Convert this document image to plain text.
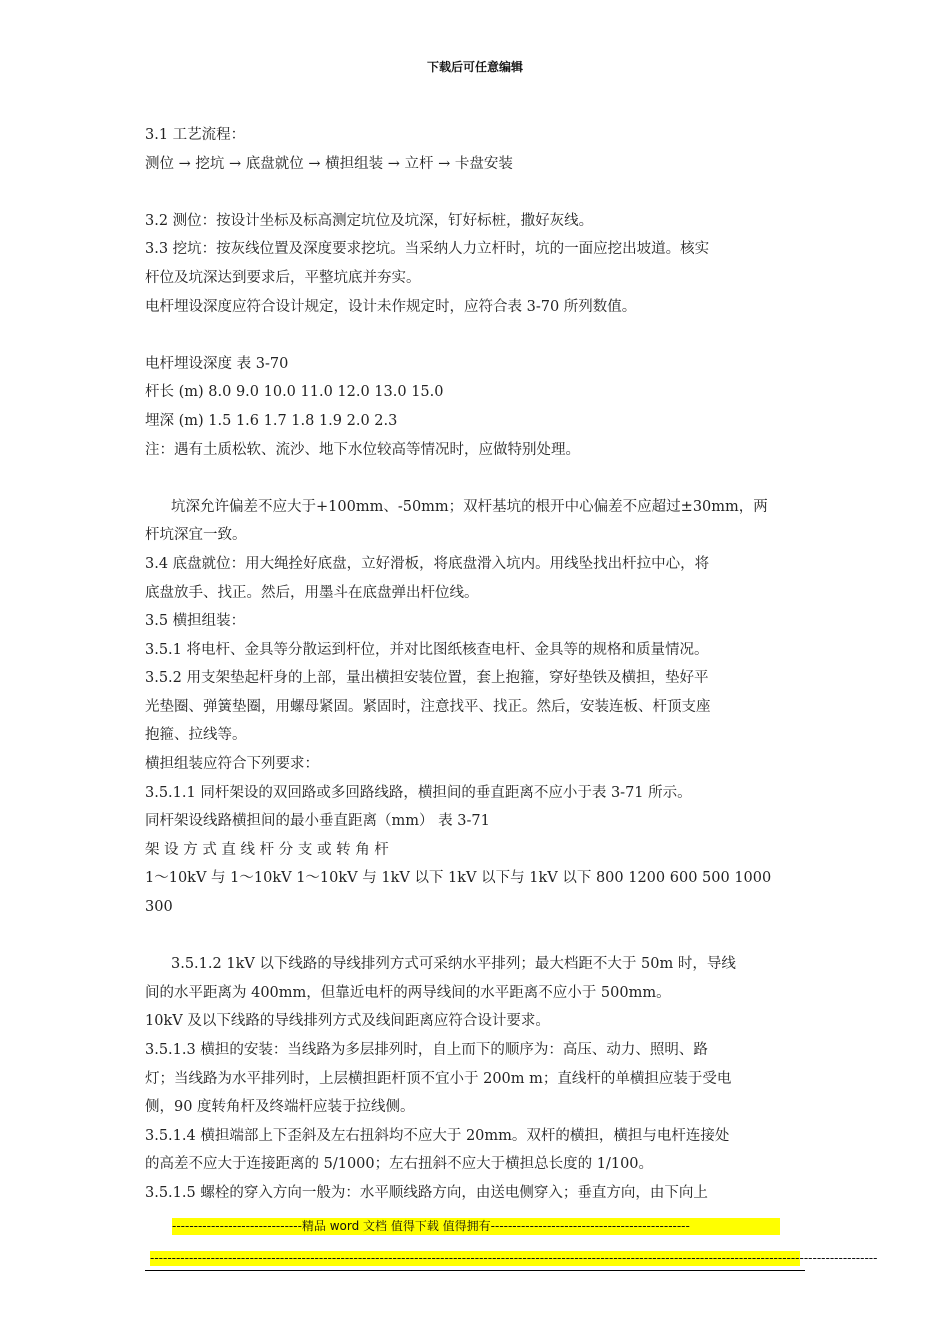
下载后可任意编辑
3.1 工艺流程：
测位 → 挖坑 → 底盘就位 → 横担组装 → 立杆 → 卡盘安装
3.2 测位：按设计坐标及标高测定坑位及坑深，钉好标桩，撒好灰线。
3.3 挖坑：按灰线位置及深度要求挖坑。当采纳人力立杆时，坑的一面应挖出坡道。核实
杆位及坑深达到要求后，平整坑底并夯实。
电杆埋设深度应符合设计规定，设计未作规定时，应符合表 3-70 所列数值。
电杆埋设深度 表 3-70
杆长 (m) 8.0 9.0 10.0 11.0 12.0 13.0 15.0
埋深 (m) 1.5 1.6 1.7 1.8 1.9 2.0 2.3
注：遇有土质松软、流沙、地下水位较高等情况时，应做特别处理。
坑深允许偏差不应大于+100mm、-50mm；双杆基坑的根开中心偏差不应超过±30mm，两
杆坑深宜一致。
3.4 底盘就位：用大绳拴好底盘，立好滑板，将底盘滑入坑内。用线坠找出杆拉中心，将
底盘放手、找正。然后，用墨斗在底盘弹出杆位线。
3.5 横担组装：
3.5.1 将电杆、金具等分散运到杆位，并对比图纸核查电杆、金具等的规格和质量情况。
3.5.2 用支架垫起杆身的上部，量出横担安装位置，套上抱箍，穿好垫铁及横担，垫好平
光垫圈、弹簧垫圈，用螺母紧固。紧固时，注意找平、找正。然后，安装连板、杆顶支座
抱箍、拉线等。
横担组装应符合下列要求：
3.5.1.1 同杆架设的双回路或多回路线路，横担间的垂直距离不应小于表 3-71 所示。
同杆架设线路横担间的最小垂直距离（mm） 表 3-71
架 设 方 式 直 线 杆 分 支 或 转 角 杆
1～10kV 与 1～10kV 1～10kV 与 1kV 以下 1kV 以下与 1kV 以下 800 1200 600 500 1000
300
3.5.1.2 1kV 以下线路的导线排列方式可采纳水平排列；最大档距不大于 50m 时，导线
间的水平距离为 400mm，但靠近电杆的两导线间的水平距离不应小于 500mm。
10kV 及以下线路的导线排列方式及线间距离应符合设计要求。
3.5.1.3 横担的安装：当线路为多层排列时，自上而下的顺序为：高压、动力、照明、路
灯；当线路为水平排列时，上层横担距杆顶不宜小于 200m m；直线杆的单横担应装于受电
侧，90 度转角杆及终端杆应装于拉线侧。
3.5.1.4 横担端部上下歪斜及左右扭斜均不应大于 20mm。双杆的横担，横担与电杆连接处
的高差不应大于连接距离的 5/1000；左右扭斜不应大于横担总长度的 1/100。
3.5.1.5 螺栓的穿入方向一般为：水平顺线路方向，由送电侧穿入；垂直方向，由下向上
------------------------------精品 word 文档 值得下载 值得拥有----------------------------------------------
------------------------------------------------------------------------------------------------------------------------------------------------------------------------
